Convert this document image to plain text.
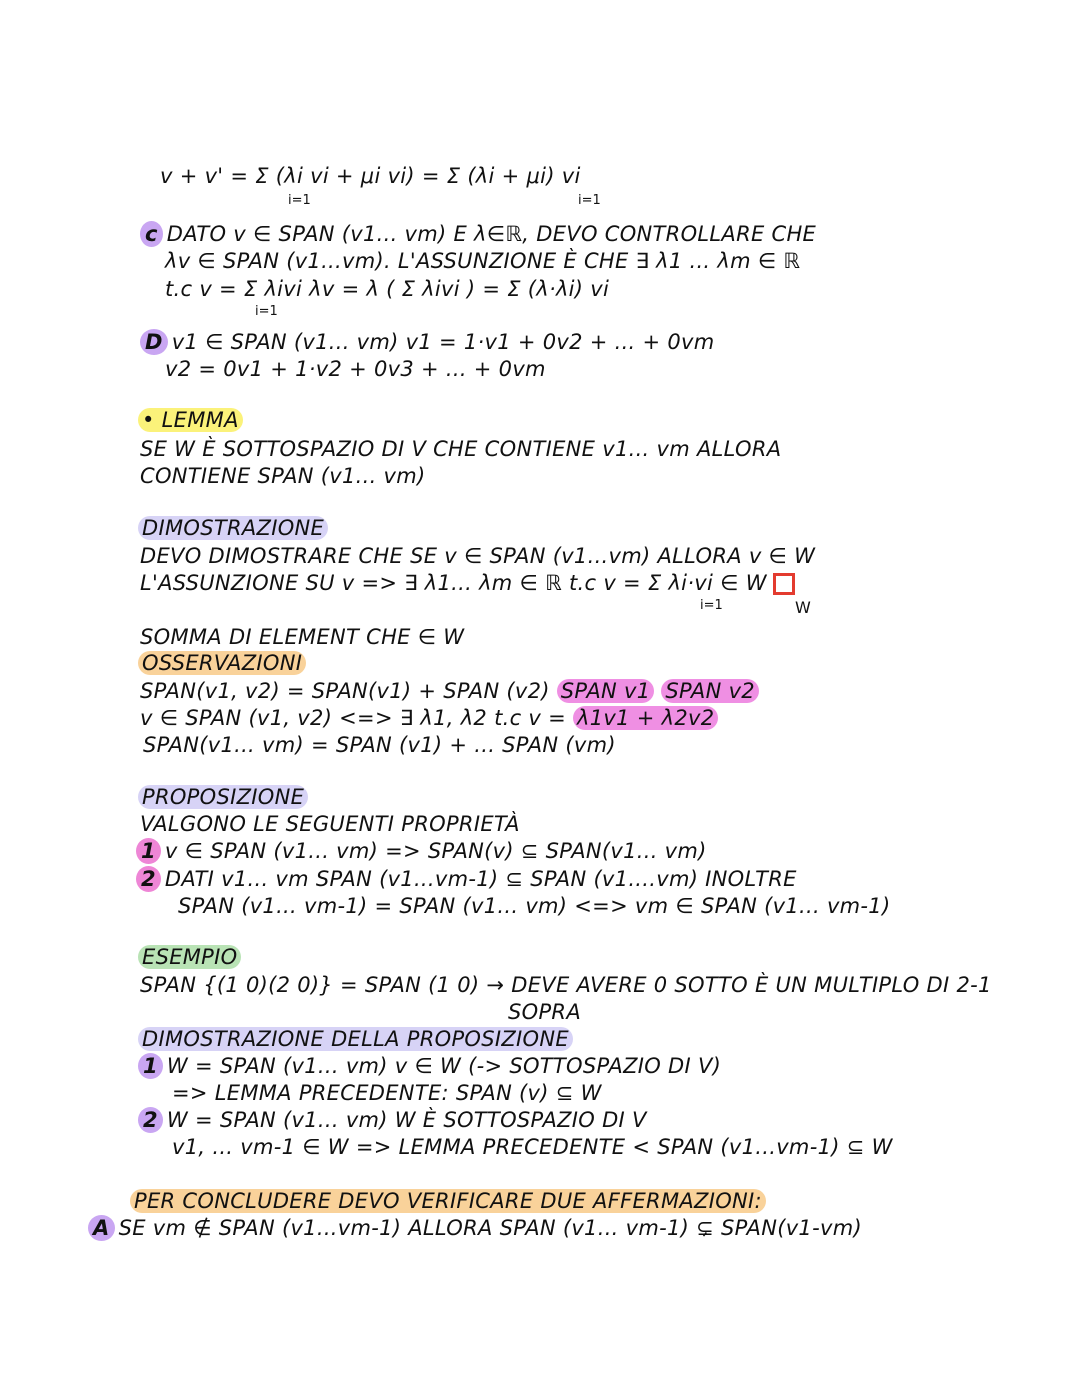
v + v' = Σ (λi vi + μi vi) = Σ (λi + μi) vi
i=1	i=1
c DATO v ∈ SPAN (v1... vm) E λ∈ℝ, DEVO CONTROLLARE CHE
λv ∈ SPAN (v1...vm). L'ASSUNZIONE È CHE ∃ λ1 ... λm ∈ ℝ
t.c v = Σ λivi λv = λ ( Σ λivi ) = Σ (λ·λi) vi
i=1
D v1 ∈ SPAN (v1... vm) v1 = 1·v1 + 0v2 + ... + 0vm
v2 = 0v1 + 1·v2 + 0v3 + ... + 0vm
• LEMMA
SE W È SOTTOSPAZIO DI V CHE CONTIENE v1... vm ALLORA
CONTIENE SPAN (v1... vm)
DIMOSTRAZIONE
DEVO DIMOSTRARE CHE SE v ∈ SPAN (v1...vm) ALLORA v ∈ W
L'ASSUNZIONE SU v => ∃ λ1... λm ∈ ℝ t.c v = Σ λi·vi ∈ W
i=1	W
SOMMA DI ELEMENT CHE ∈ W
OSSERVAZIONI
SPAN(v1, v2) = SPAN(v1) + SPAN (v2) SPAN v1 SPAN v2
v ∈ SPAN (v1, v2) <=> ∃ λ1, λ2 t.c v = λ1v1 + λ2v2
SPAN(v1... vm) = SPAN (v1) + ... SPAN (vm)
PROPOSIZIONE
VALGONO LE SEGUENTI PROPRIETÀ
1 v ∈ SPAN (v1... vm) => SPAN(v) ⊆ SPAN(v1... vm)
2 DATI v1... vm SPAN (v1...vm-1) ⊆ SPAN (v1....vm) INOLTRE
SPAN (v1... vm-1) = SPAN (v1... vm) <=> vm ∈ SPAN (v1... vm-1)
ESEMPIO
SPAN {(1 0)(2 0)} = SPAN (1 0) → DEVE AVERE 0 SOTTO È UN MULTIPLO DI 2-1
SOPRA
DIMOSTRAZIONE DELLA PROPOSIZIONE
1 W = SPAN (v1... vm) v ∈ W (-> SOTTOSPAZIO DI V)
=> LEMMA PRECEDENTE: SPAN (v) ⊆ W
2 W = SPAN (v1... vm) W È SOTTOSPAZIO DI V
v1, ... vm-1 ∈ W => LEMMA PRECEDENTE < SPAN (v1...vm-1) ⊆ W
PER CONCLUDERE DEVO VERIFICARE DUE AFFERMAZIONI:
A SE vm ∉ SPAN (v1...vm-1) ALLORA SPAN (v1... vm-1) ⊊ SPAN(v1-vm)
